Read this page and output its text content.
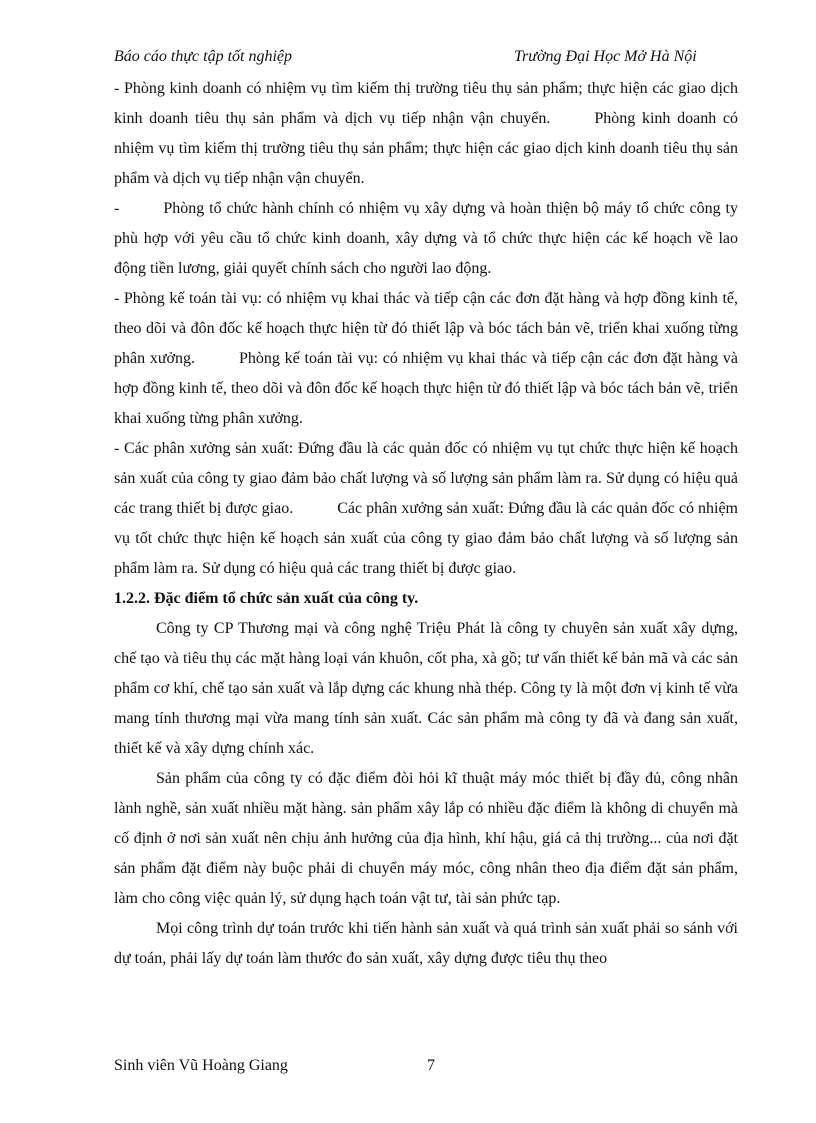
Báo cáo thực tập tốt nghiệp	Trường Đại Học Mở Hà Nội

- Phòng kinh doanh có nhiệm vụ tìm kiếm thị trường tiêu thụ sản phẩm; thực hiện các giao dịch kinh doanh tiêu thụ sản phẩm và dịch vụ tiếp nhận vận chuyển.	Phòng kinh doanh có nhiệm vụ tìm kiếm thị trường tiêu thụ sản phẩm; thực hiện các giao dịch kinh doanh tiêu thụ sản phẩm và dịch vụ tiếp nhận vận chuyển.

-	Phòng tổ chức hành chính có nhiệm vụ xây dựng và hoàn thiện bộ máy tổ chức công ty phù hợp với yêu cầu tổ chức kinh doanh, xây dựng và tổ chức thực hiện các kế hoạch về lao động tiền lương, giải quyết chính sách cho người lao động.

- Phòng kế toán tài vụ: có nhiệm vụ khai thác và tiếp cận các đơn đặt hàng và hợp đồng kinh tế, theo dõi và đôn đốc kế hoạch thực hiện từ đó thiết lập và bóc tách bản vẽ, triển khai xuống từng phân xưởng.	Phòng kế toán tài vụ: có nhiệm vụ khai thác và tiếp cận các đơn đặt hàng và hợp đồng kinh tế, theo dõi và đôn đốc kế hoạch thực hiện từ đó thiết lập và bóc tách bản vẽ, triển khai xuống từng phân xưởng.

- Các phân xưởng sản xuất: Đứng đầu là các quản đốc có nhiệm vụ tụt chức thực hiện kế hoạch sản xuất của công ty giao đảm bảo chất lượng và số lượng sản phẩm làm ra. Sử dụng có hiệu quả các trang thiết bị được giao.	Các phân xưởng sản xuất: Đứng đầu là các quản đốc có nhiệm vụ tốt chức thực hiện kế hoạch sản xuất của công ty giao đảm bảo chất lượng và số lượng sản phẩm làm ra. Sử dụng có hiệu quả các trang thiết bị được giao.

1.2.2. Đặc điểm tổ chức sản xuất của công ty.

Công ty CP Thương mại và công nghệ Triệu Phát là công ty chuyên sản xuất xây dựng, chế tạo và tiêu thụ các mặt hàng loại ván khuôn, cốt pha, xà gồ; tư vấn thiết kế bản mã và các sản phẩm cơ khí, chế tạo sản xuất và lắp dựng các khung nhà thép. Công ty là một đơn vị kinh tế vừa mang tính thương mại vừa mang tính sản xuất. Các sản phẩm mà công ty đã và đang sản xuất, thiết kế và xây dựng chính xác.

Sản phẩm của công ty có đặc điểm đòi hỏi kĩ thuật máy móc thiết bị đầy đủ, công nhân lành nghề, sản xuất nhiều mặt hàng. sản phẩm xây lắp có nhiều đặc điểm là không di chuyển mà cố định ở nơi sản xuất nên chịu ảnh hưởng của địa hình, khí hậu, giá cả thị trường... của nơi đặt sản phẩm đặt điểm này buộc phải di chuyển máy móc, công nhân theo địa điểm đặt sản phẩm, làm cho công việc quản lý, sử dụng hạch toán vật tư, tài sản phức tạp.

Mọi công trình dự toán trước khi tiến hành sản xuất và quá trình sản xuất phải so sánh với dự toán, phải lấy dự toán làm thước đo sản xuất, xây dựng được tiêu thụ theo

Sinh viên Vũ Hoàng Giang	7
